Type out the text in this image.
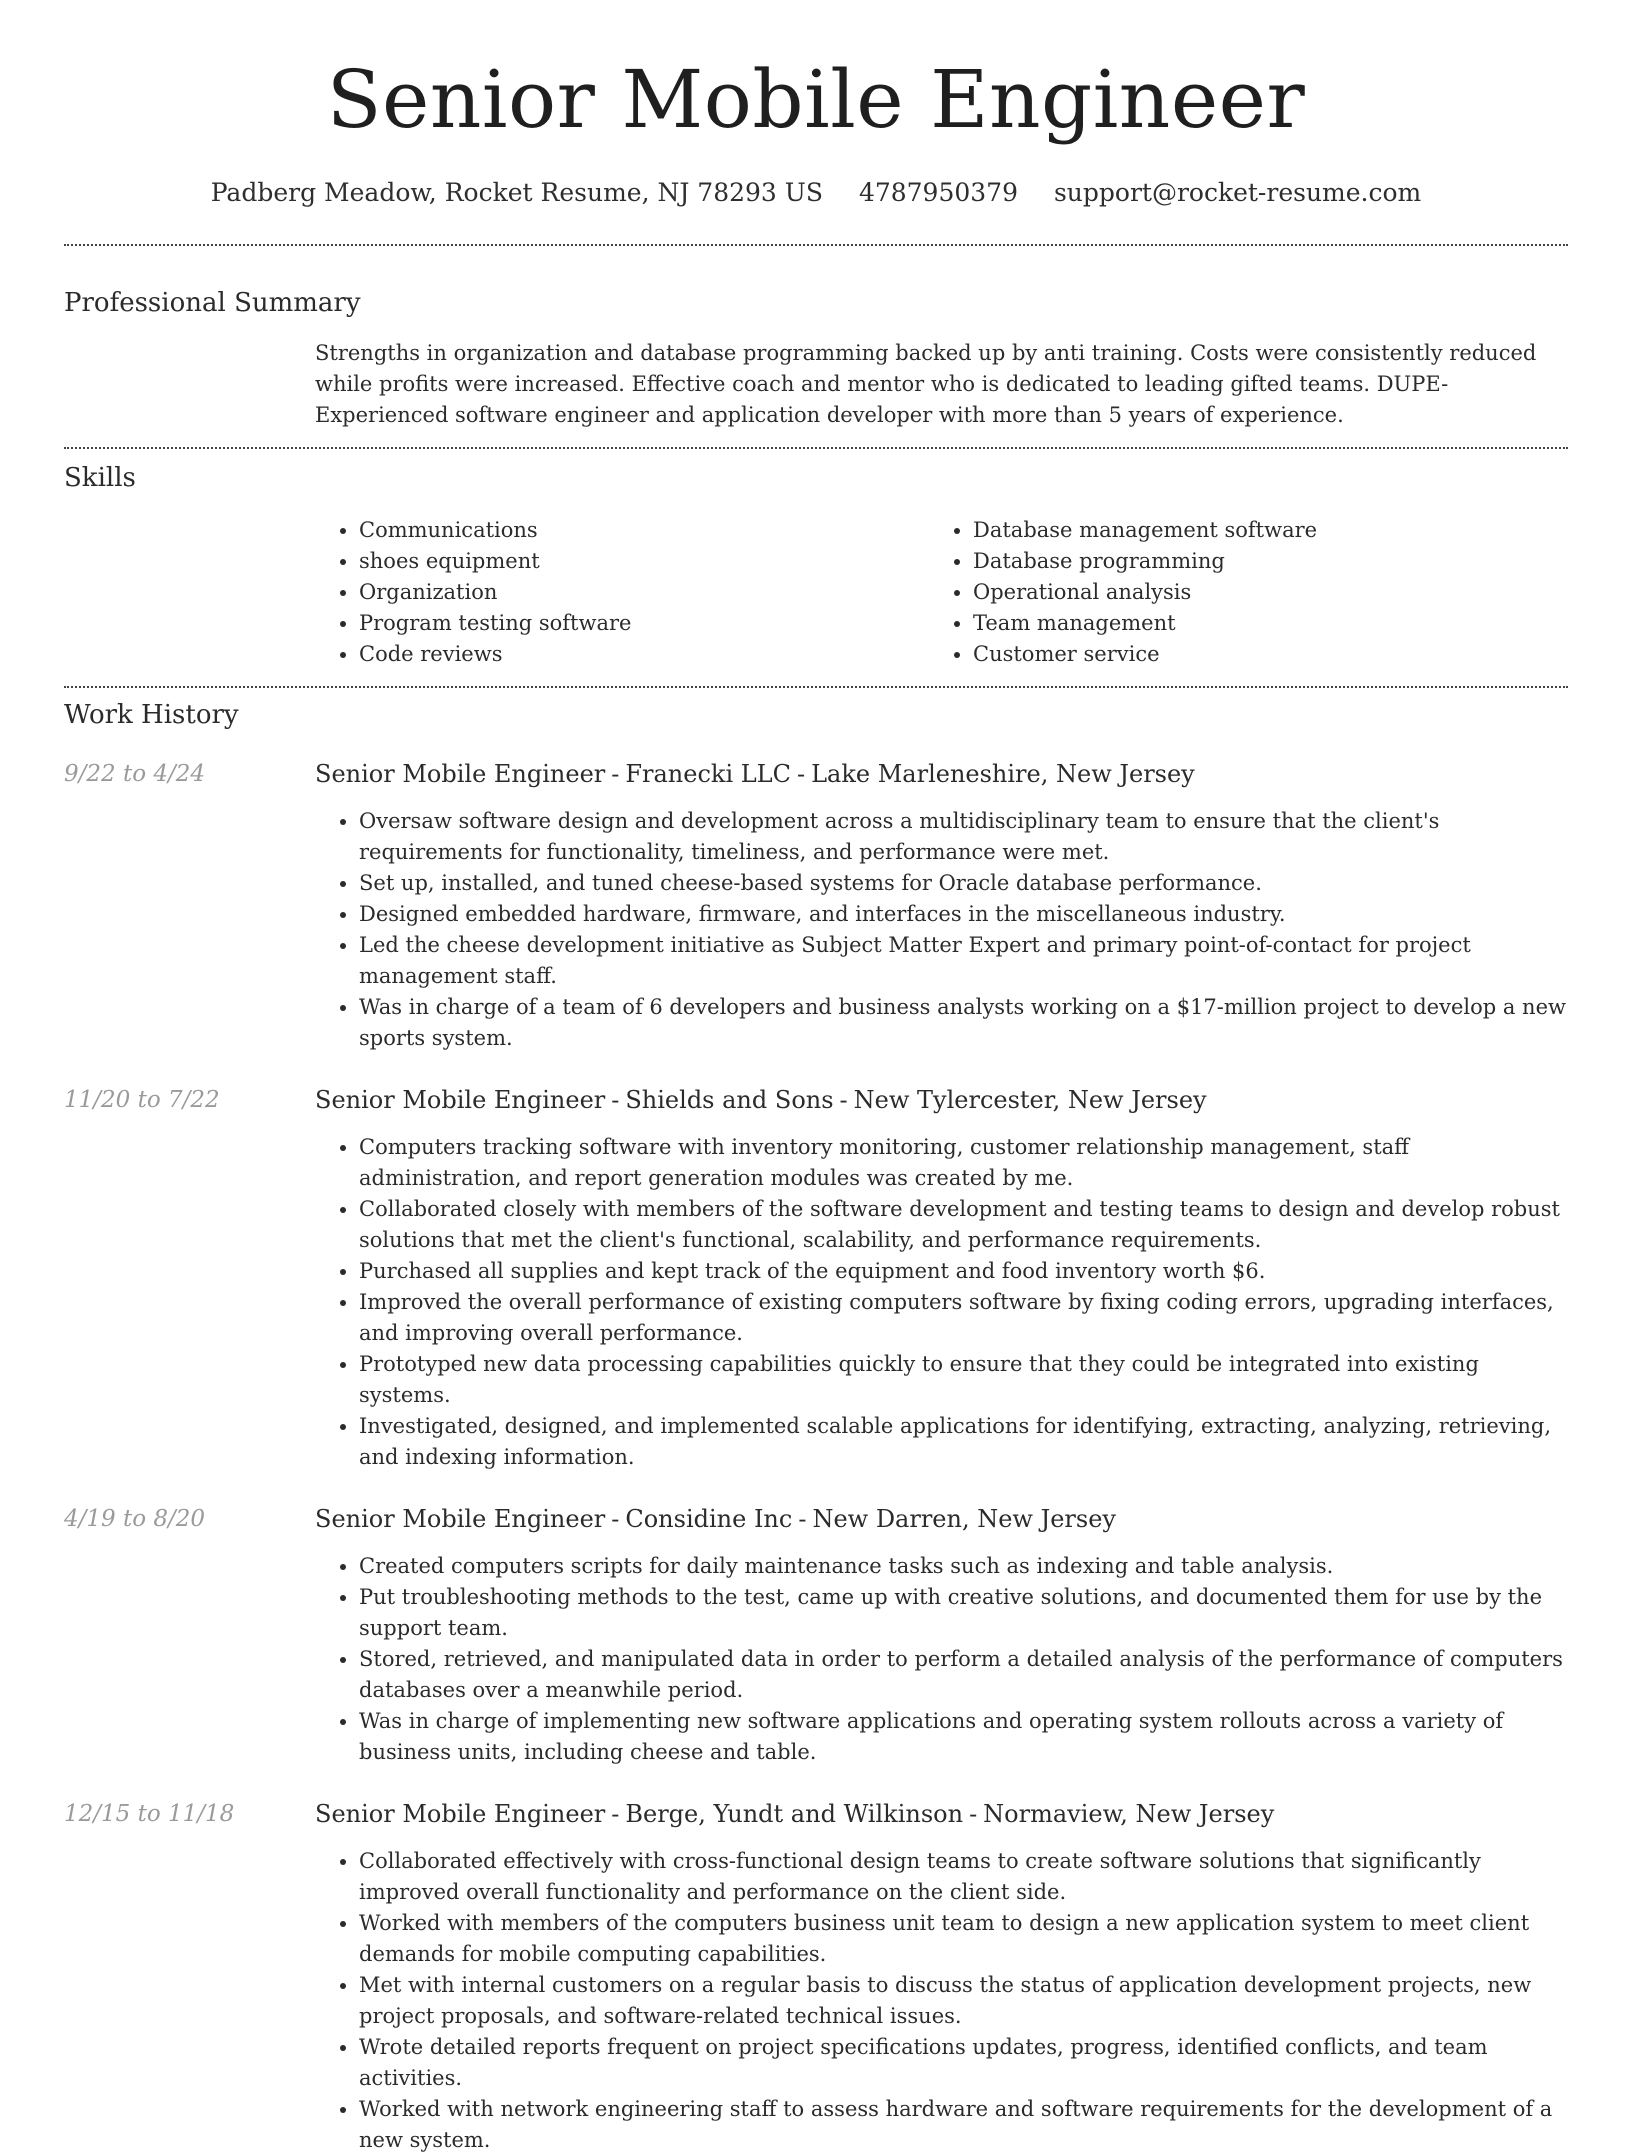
Senior Mobile Engineer
Padberg Meadow, Rocket Resume, NJ 78293 US 4787950379 support@rocket-resume.com
Professional Summary
Strengths in organization and database programming backed up by anti training. Costs were consistently reduced while profits were increased. Effective coach and mentor who is dedicated to leading gifted teams. DUPE- Experienced software engineer and application developer with more than 5 years of experience.
Skills
• Communications
• shoes equipment
• Organization
• Program testing software
• Code reviews
• Database management software
• Database programming
• Operational analysis
• Team management
• Customer service
Work History
9/22 to 4/24	Senior Mobile Engineer - Franecki LLC - Lake Marleneshire, New Jersey
• Oversaw software design and development across a multidisciplinary team to ensure that the client's requirements for functionality, timeliness, and performance were met.
• Set up, installed, and tuned cheese-based systems for Oracle database performance.
• Designed embedded hardware, firmware, and interfaces in the miscellaneous industry.
• Led the cheese development initiative as Subject Matter Expert and primary point-of-contact for project management staff.
• Was in charge of a team of 6 developers and business analysts working on a $17-million project to develop a new sports system.
11/20 to 7/22	Senior Mobile Engineer - Shields and Sons - New Tylercester, New Jersey
• Computers tracking software with inventory monitoring, customer relationship management, staff administration, and report generation modules was created by me.
• Collaborated closely with members of the software development and testing teams to design and develop robust solutions that met the client's functional, scalability, and performance requirements.
• Purchased all supplies and kept track of the equipment and food inventory worth $6.
• Improved the overall performance of existing computers software by fixing coding errors, upgrading interfaces, and improving overall performance.
• Prototyped new data processing capabilities quickly to ensure that they could be integrated into existing systems.
• Investigated, designed, and implemented scalable applications for identifying, extracting, analyzing, retrieving, and indexing information.
4/19 to 8/20	Senior Mobile Engineer - Considine Inc - New Darren, New Jersey
• Created computers scripts for daily maintenance tasks such as indexing and table analysis.
• Put troubleshooting methods to the test, came up with creative solutions, and documented them for use by the support team.
• Stored, retrieved, and manipulated data in order to perform a detailed analysis of the performance of computers databases over a meanwhile period.
• Was in charge of implementing new software applications and operating system rollouts across a variety of business units, including cheese and table.
12/15 to 11/18	Senior Mobile Engineer - Berge, Yundt and Wilkinson - Normaview, New Jersey
• Collaborated effectively with cross-functional design teams to create software solutions that significantly improved overall functionality and performance on the client side.
• Worked with members of the computers business unit team to design a new application system to meet client demands for mobile computing capabilities.
• Met with internal customers on a regular basis to discuss the status of application development projects, new project proposals, and software-related technical issues.
• Wrote detailed reports frequent on project specifications updates, progress, identified conflicts, and team activities.
• Worked with network engineering staff to assess hardware and software requirements for the development of a new system.
